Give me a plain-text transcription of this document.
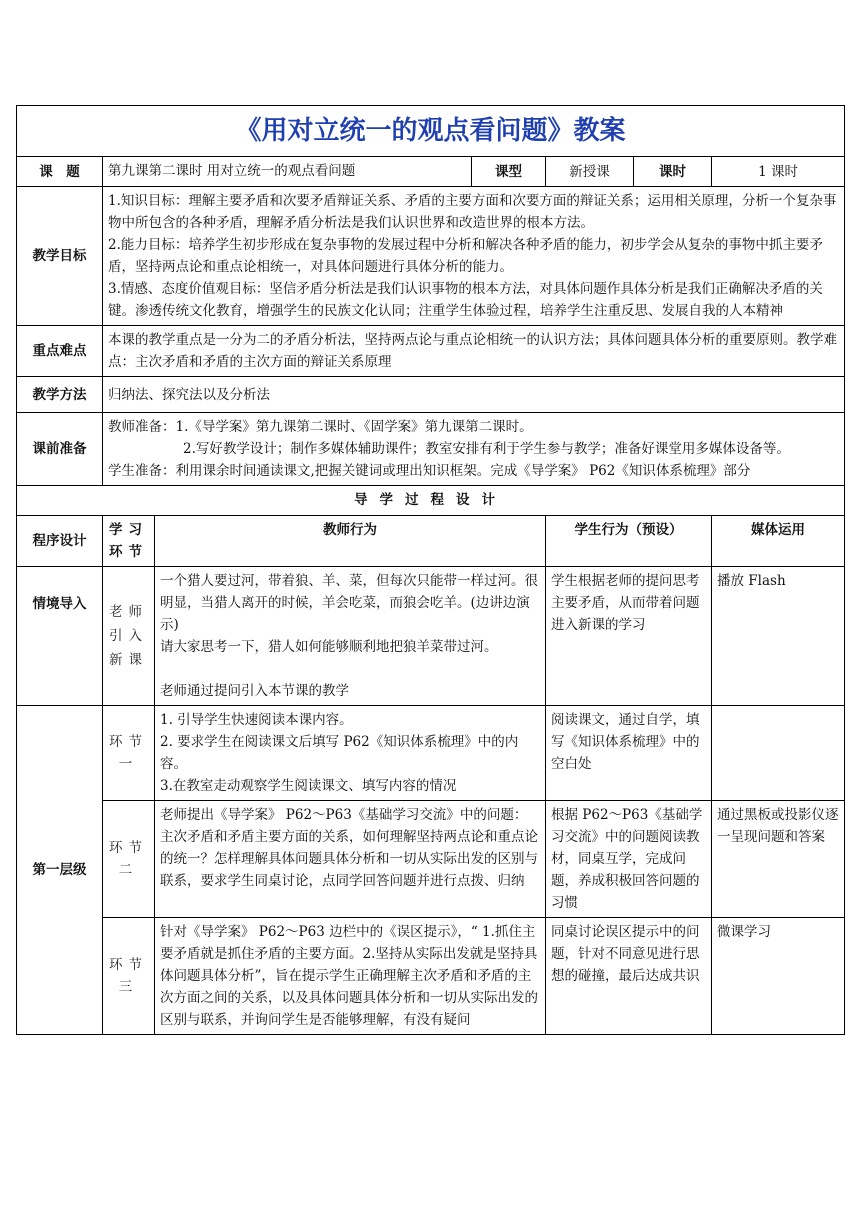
《用对立统一的观点看问题》教案						
课　题	第九课第二课时 用对立统一的观点看问题		课型	新授课	课时	1 课时
教学目标	1.知识目标：理解主要矛盾和次要矛盾辩证关系、矛盾的主要方面和次要方面的辩证关系；运用相关原理，分析一个复杂事物中所包含的各种矛盾，理解矛盾分析法是我们认识世界和改造世界的根本方法。
2.能力目标：培养学生初步形成在复杂事物的发展过程中分析和解决各种矛盾的能力，初步学会从复杂的事物中抓主要矛盾，坚持两点论和重点论相统一，对具体问题进行具体分析的能力。
3.情感、态度价值观目标：坚信矛盾分析法是我们认识事物的根本方法，对具体问题作具体分析是我们正确解决矛盾的关键。渗透传统文化教育，增强学生的民族文化认同；注重学生体验过程，培养学生注重反思、发展自我的人本精神					

重点难点	本课的教学重点是一分为二的矛盾分析法，坚持两点论与重点论相统一的认识方法；具体问题具体分析的重要原则。教学难点：主次矛盾和矛盾的主次方面的辩证关系原理					
教学方法	归纳法、探究法以及分析法					
课前准备	教师准备：1.《导学案》第九课第二课时、《固学案》第九课第二课时。
2.写好教学设计；制作多媒体辅助课件；教室安排有利于学生参与教学；准备好课堂用多媒体设备等。
学生准备：利用课余时间通读课文,把握关键词或理出知识框架。完成《导学案》 P62《知识体系梳理》部分					

导学过程设计						
程序设计	学习环节	教师行为		学生行为（预设）		媒体运用
情境导入	老师引入新课	一个猎人要过河，带着狼、羊、菜，但每次只能带一样过河。很明显，当猎人离开的时候，羊会吃菜，而狼会吃羊。(边讲边演示)
请大家思考一下，猎人如何能够顺利地把狼羊菜带过河。
老师通过提问引入本节课的教学		学生根据老师的提问思考主要矛盾，从而带着问题进入新课的学习		播放 Flash
第一层级	环节一	1. 引导学生快速阅读本课内容。
2. 要求学生在阅读课文后填写 P62《知识体系梳理》中的内容。
3.在教室走动观察学生阅读课文、填写内容的情况		阅读课文，通过自学，填写《知识体系梳理》中的空白处		
	环节二	老师提出《导学案》 P62～P63《基础学习交流》中的问题：主次矛盾和矛盾主要方面的关系，如何理解坚持两点论和重点论的统一？怎样理解具体问题具体分析和一切从实际出发的区别与联系，要求学生同桌讨论，点同学回答问题并进行点拨、归纳		根据 P62～P63《基础学习交流》中的问题阅读教材，同桌互学，完成问题，养成积极回答问题的习惯		通过黑板或投影仪逐一呈现问题和答案
	环节三	针对《导学案》 P62～P63 边栏中的《误区提示》，“ 1.抓住主要矛盾就是抓住矛盾的主要方面。2.坚持从实际出发就是坚持具体问题具体分析”，旨在提示学生正确理解主次矛盾和矛盾的主次方面之间的关系，以及具体问题具体分析和一切从实际出发的区别与联系，并询问学生是否能够理解，有没有疑问		同桌讨论误区提示中的问题，针对不同意见进行思想的碰撞，最后达成共识		微课学习
